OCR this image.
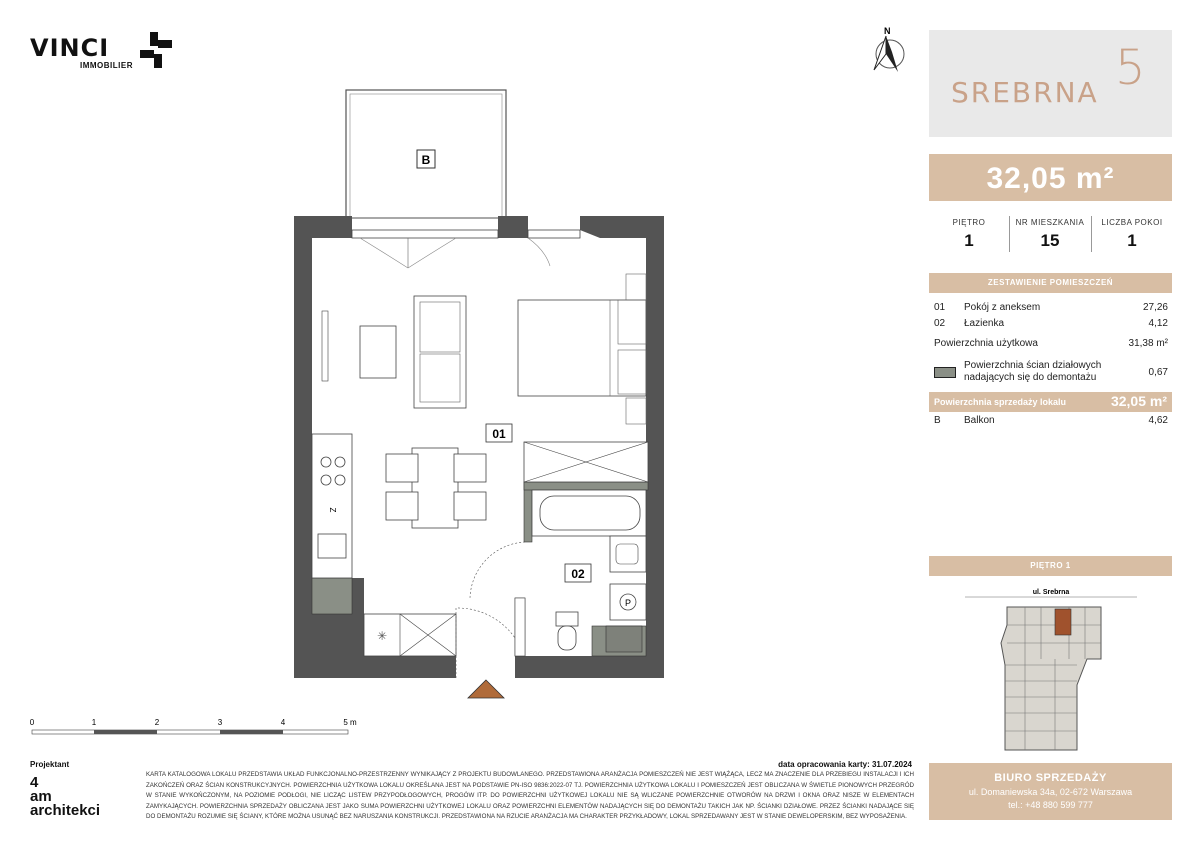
VINCI
IMMOBILIER
B
Z
✳
P
01
02
N
SREBRNA 5
32,05 m²
PIĘTRO
1
NR MIESZKANIA
15
LICZBA POKOI
1
ZESTAWIENIE POMIESZCZEŃ
01 Pokój z aneksem	27,26
02 Łazienka	4,12
Powierzchnia użytkowa	31,38 m²
Powierzchnia ścian działowych
nadających się do demontażu	0,67
Powierzchnia sprzedaży lokalu	32,05 m²
B Balkon	4,62
PIĘTRO 1
ul. Srebrna
BIURO SPRZEDAŻY
ul. Domaniewska 34a, 02-672 Warszawa
tel.: +48 880 599 777
0	1	2	3	4	5 m
Projektant
4
am
architekci
data opracowania karty: 31.07.2024
KARTA KATALOGOWA LOKALU PRZEDSTAWIA UKŁAD FUNKCJONALNO-PRZESTRZENNY WYNIKAJĄCY Z PROJEKTU BUDOWLANEGO. PRZEDSTAWIONA ARANŻACJA POMIESZCZEŃ NIE JEST WIĄŻĄCA, LECZ MA ZNACZENIE DLA PRZEBIEGU INSTALACJI I ICH ZAKOŃCZEŃ ORAZ ŚCIAN KONSTRUKCYJNYCH. POWIERZCHNIA UŻYTKOWA LOKALU OKREŚLANA JEST NA PODSTAWIE PN-ISO 9836:2022-07 TJ. POWIERZCHNIA UŻYTKOWA LOKALU I POMIESZCZEŃ JEST OBLICZANA W ŚWIETLE PIONOWYCH PRZEGRÓD W STANIE WYKOŃCZONYM, NA POZIOMIE PODŁOGI, NIE LICZĄC LISTEW PRZYPODŁOGOWYCH, PROGÓW ITP. DO POWIERZCHNI UŻYTKOWEJ LOKALU NIE SĄ WLICZANE POWIERZCHNIE OTWORÓW NA DRZWI I OKNA ORAZ NISZE W ELEMENTACH ZAMYKAJĄCYCH. POWIERZCHNIA SPRZEDAŻY OBLICZANA JEST JAKO SUMA POWIERZCHNI UŻYTKOWEJ LOKALU ORAZ POWIERZCHNI ELEMENTÓW NADAJĄCYCH SIĘ DO DEMONTAŻU TAKICH JAK NP. ŚCIANKI DZIAŁOWE. PRZEZ ŚCIANKI NADAJĄCE SIĘ DO DEMONTAŻU ROZUMIE SIĘ ŚCIANY, KTÓRE MOŻNA USUNĄĆ BEZ NARUSZANIA KONSTRUKCJI. PRZEDSTAWIONA NA RZUCIE ARANŻACJA MA CHARAKTER PRZYKŁADOWY, LOKAL SPRZEDAWANY JEST W STANIE DEWELOPERSKIM, BEZ WYPOSAŻENIA.
